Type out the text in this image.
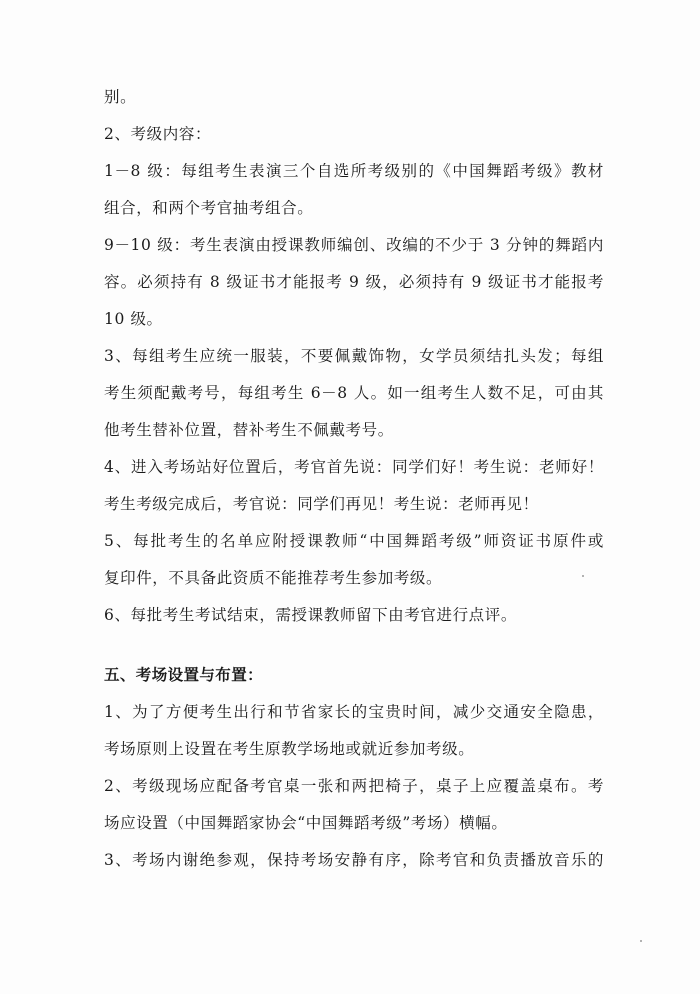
别。
2、考级内容：
1－8 级：每组考生表演三个自选所考级别的《中国舞蹈考级》教材
组合，和两个考官抽考组合。
9－10 级：考生表演由授课教师编创、改编的不少于 3 分钟的舞蹈内
容。必须持有 8 级证书才能报考 9 级，必须持有 9 级证书才能报考
10 级。
3、每组考生应统一服装，不要佩戴饰物，女学员须结扎头发；每组
考生须配戴考号，每组考生 6－8 人。如一组考生人数不足，可由其
他考生替补位置，替补考生不佩戴考号。
4、进入考场站好位置后，考官首先说：同学们好！考生说：老师好！
考生考级完成后，考官说：同学们再见！考生说：老师再见！
5、每批考生的名单应附授课教师“中国舞蹈考级”师资证书原件或
复印件，不具备此资质不能推荐考生参加考级。
6、每批考生考试结束，需授课教师留下由考官进行点评。
五、考场设置与布置：
1、为了方便考生出行和节省家长的宝贵时间，减少交通安全隐患，
考场原则上设置在考生原教学场地或就近参加考级。
2、考级现场应配备考官桌一张和两把椅子，桌子上应覆盖桌布。考
场应设置（中国舞蹈家协会“中国舞蹈考级”考场）横幅。
3、考场内谢绝参观，保持考场安静有序，除考官和负责播放音乐的
